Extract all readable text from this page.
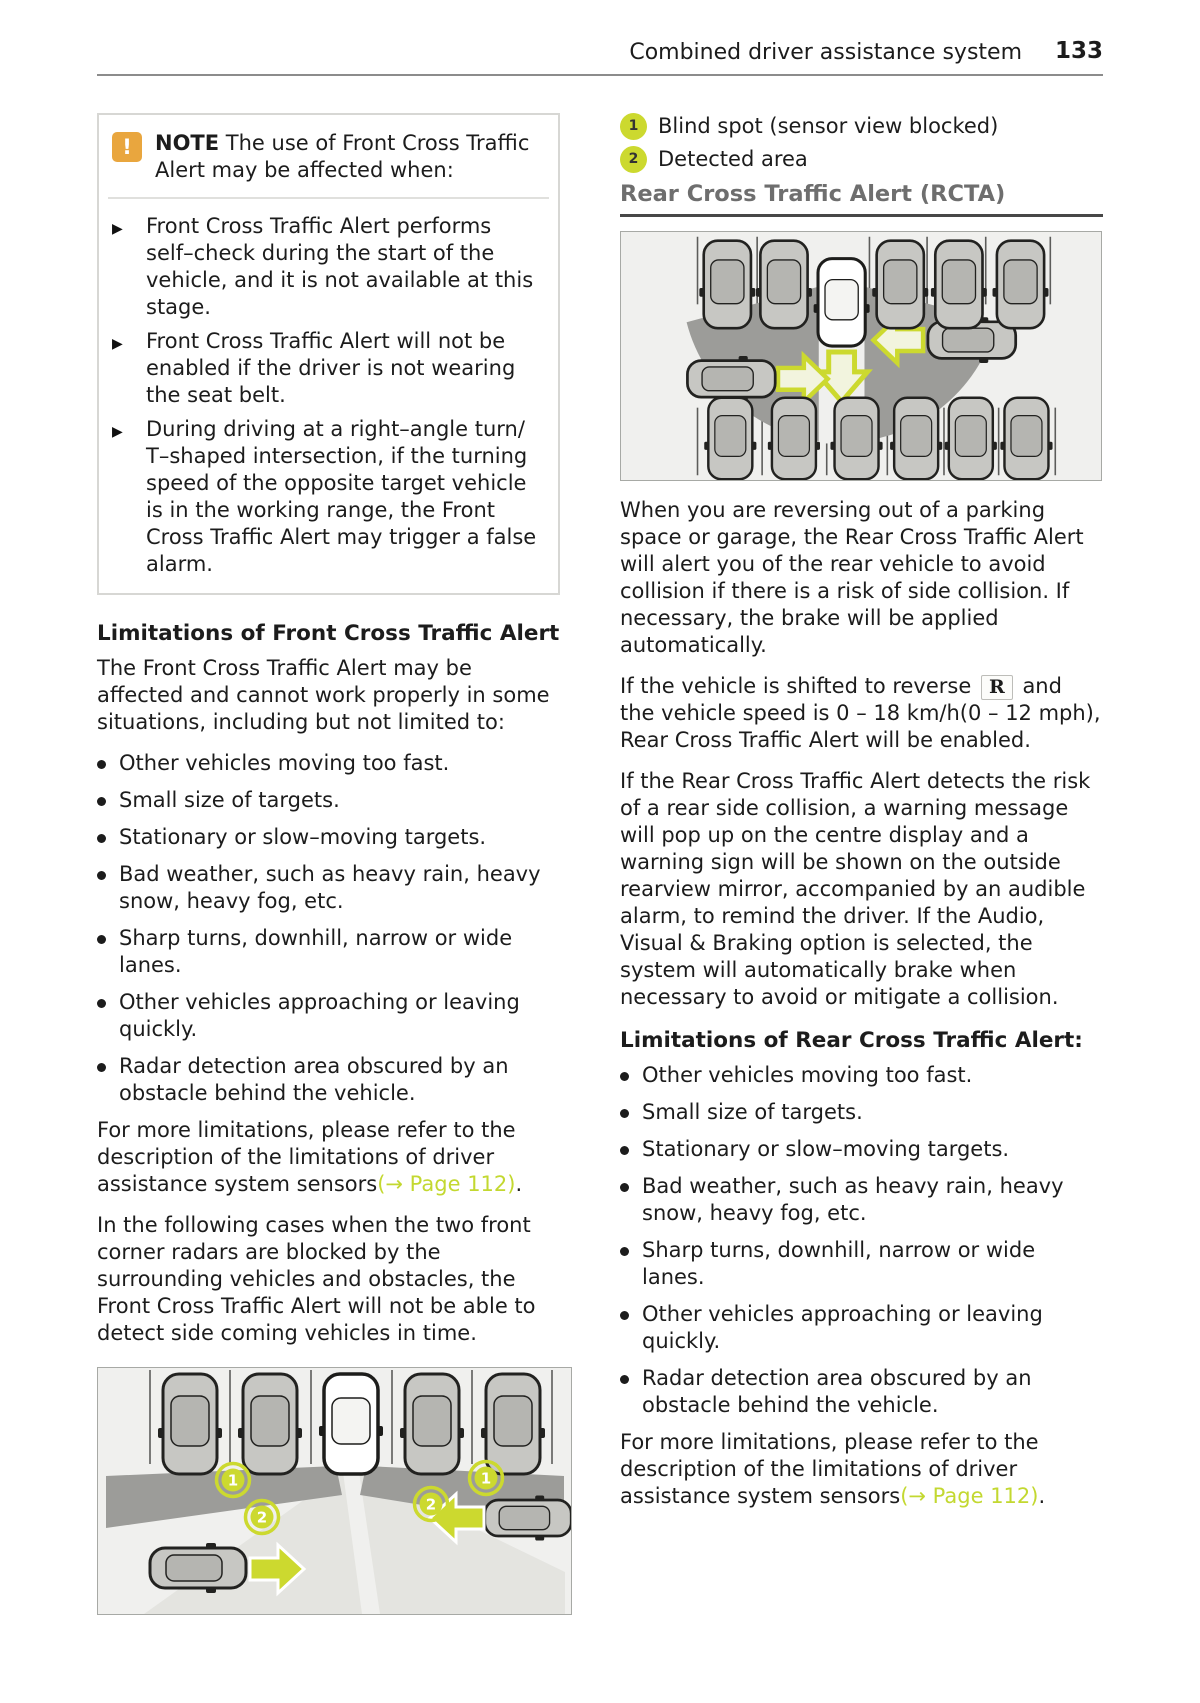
Combined driver assistance system 133
!	NOTE The use of Front Cross Traffic Alert may be affected when:
▶	Front Cross Traffic Alert performs self–check during the start of the vehicle, and it is not available at this stage.
▶	Front Cross Traffic Alert will not be enabled if the driver is not wearing the seat belt.
▶	During driving at a right–angle turn/ T–shaped intersection, if the turning speed of the opposite target vehicle is in the working range, the Front Cross Traffic Alert may trigger a false alarm.
Limitations of Front Cross Traffic Alert
The Front Cross Traffic Alert may be affected and cannot work properly in some situations, including but not limited to:
Other vehicles moving too fast.
Small size of targets.
Stationary or slow–moving targets.
Bad weather, such as heavy rain, heavy snow, heavy fog, etc.
Sharp turns, downhill, narrow or wide lanes.
Other vehicles approaching or leaving quickly.
Radar detection area obscured by an obstacle behind the vehicle.
For more limitations, please refer to the description of the limitations of driver assistance system sensors(→ Page 112).
In the following cases when the two front corner radars are blocked by the surrounding vehicles and obstacles, the Front Cross Traffic Alert will not be able to detect side coming vehicles in time.
1
2
2
1
1 Blind spot (sensor view blocked)
2 Detected area
Rear Cross Traffic Alert (RCTA)
When you are reversing out of a parking space or garage, the Rear Cross Traffic Alert will alert you of the rear vehicle to avoid collision if there is a risk of side collision. If necessary, the brake will be applied automatically.
If the vehicle is shifted to reverse R and the vehicle speed is 0 – 18 km/h(0 – 12 mph), Rear Cross Traffic Alert will be enabled.
If the Rear Cross Traffic Alert detects the risk of a rear side collision, a warning message will pop up on the centre display and a warning sign will be shown on the outside rearview mirror, accompanied by an audible alarm, to remind the driver. If the Audio, Visual & Braking option is selected, the system will automatically brake when necessary to avoid or mitigate a collision.
Limitations of Rear Cross Traffic Alert:
Other vehicles moving too fast.
Small size of targets.
Stationary or slow–moving targets.
Bad weather, such as heavy rain, heavy snow, heavy fog, etc.
Sharp turns, downhill, narrow or wide lanes.
Other vehicles approaching or leaving quickly.
Radar detection area obscured by an obstacle behind the vehicle.
For more limitations, please refer to the description of the limitations of driver assistance system sensors(→ Page 112).
